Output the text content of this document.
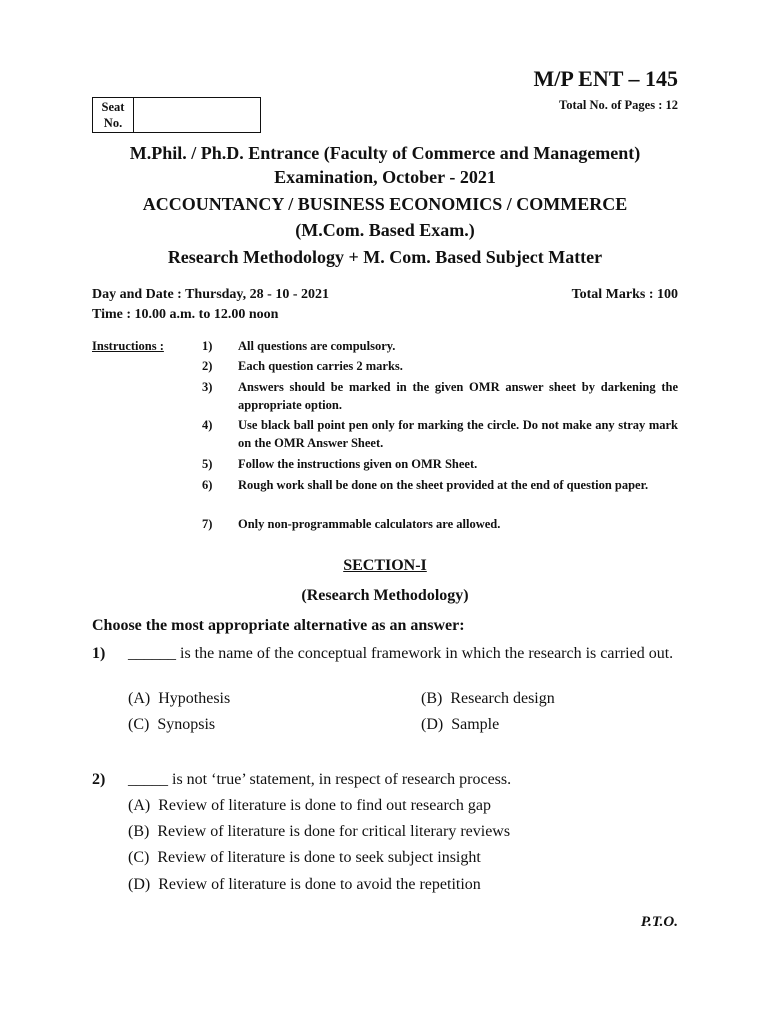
M/P ENT – 145
Total No. of Pages : 12
Seat
No.
M.Phil. / Ph.D. Entrance (Faculty of Commerce and Management)
Examination, October - 2021
ACCOUNTANCY / BUSINESS ECONOMICS / COMMERCE
(M.Com. Based Exam.)
Research Methodology + M. Com. Based Subject Matter
Day and Date : Thursday, 28 - 10 - 2021	Total Marks : 100
Time : 10.00 a.m. to 12.00 noon
Instructions :	1) All questions are compulsory.
2) Each question carries 2 marks.
3) Answers should be marked in the given OMR answer sheet by darkening the appropriate option.
4) Use black ball point pen only for marking the circle. Do not make any stray mark on the OMR Answer Sheet.
5) Follow the instructions given on OMR Sheet.
6) Rough work shall be done on the sheet provided at the end of question paper.
7) Only non-programmable calculators are allowed.
SECTION-I
(Research Methodology)
Choose the most appropriate alternative as an answer:
1) ______ is the name of the conceptual framework in which the research is carried out.
(A) Hypothesis	(B) Research design
(C) Synopsis	(D) Sample
2) _____ is not ‘true’ statement, in respect of research process.
(A) Review of literature is done to find out research gap
(B) Review of literature is done for critical literary reviews
(C) Review of literature is done to seek subject insight
(D) Review of literature is done to avoid the repetition
P.T.O.
